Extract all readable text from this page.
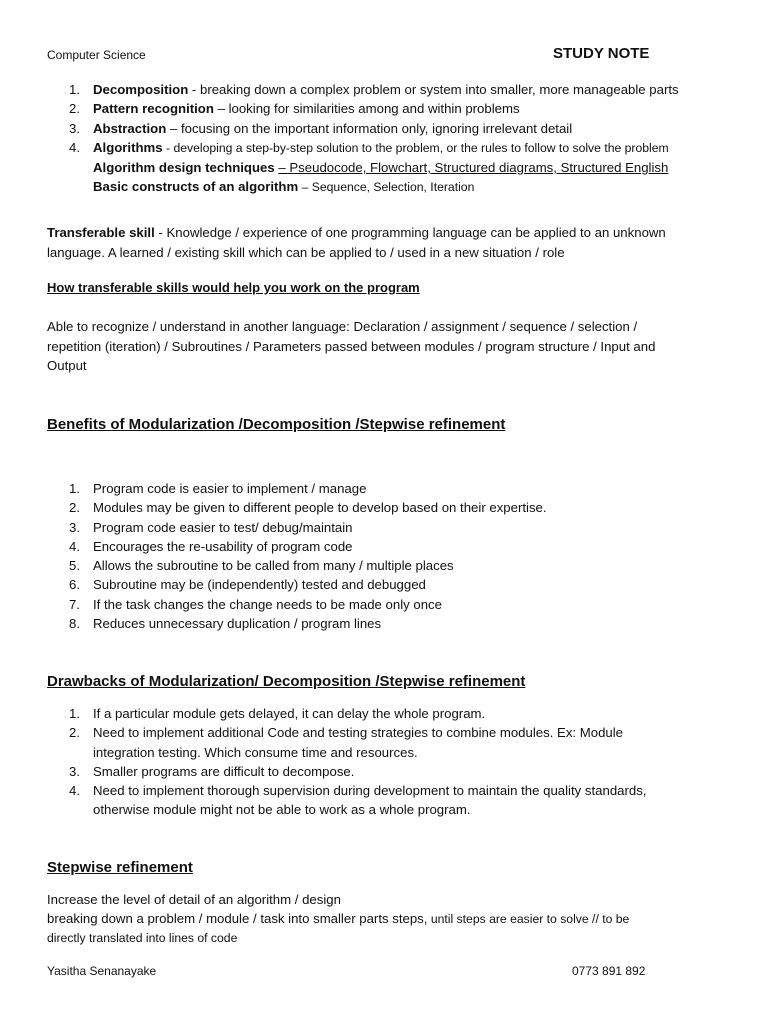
Computer Science	STUDY NOTE
1. Decomposition - breaking down a complex problem or system into smaller, more manageable parts
2. Pattern recognition – looking for similarities among and within problems
3. Abstraction – focusing on the important information only, ignoring irrelevant detail
4. Algorithms - developing a step-by-step solution to the problem, or the rules to follow to solve the problem
Algorithm design techniques – Pseudocode, Flowchart, Structured diagrams, Structured English
Basic constructs of an algorithm – Sequence, Selection, Iteration
Transferable skill - Knowledge / experience of one programming language can be applied to an unknown
language. A learned / existing skill which can be applied to / used in a new situation / role
How transferable skills would help you work on the program
Able to recognize / understand in another language: Declaration / assignment / sequence / selection /
repetition (iteration) / Subroutines / Parameters passed between modules / program structure / Input and
Output
Benefits of Modularization /Decomposition /Stepwise refinement
1. Program code is easier to implement / manage
2. Modules may be given to different people to develop based on their expertise.
3. Program code easier to test/ debug/maintain
4. Encourages the re-usability of program code
5. Allows the subroutine to be called from many / multiple places
6. Subroutine may be (independently) tested and debugged
7. If the task changes the change needs to be made only once
8. Reduces unnecessary duplication / program lines
Drawbacks of Modularization/ Decomposition /Stepwise refinement
1. If a particular module gets delayed, it can delay the whole program.
2. Need to implement additional Code and testing strategies to combine modules. Ex: Module
integration testing. Which consume time and resources.
3. Smaller programs are difficult to decompose.
4. Need to implement thorough supervision during development to maintain the quality standards,
otherwise module might not be able to work as a whole program.
Stepwise refinement
Increase the level of detail of an algorithm / design
breaking down a problem / module / task into smaller parts steps, until steps are easier to solve // to be
directly translated into lines of code
Yasitha Senanayake	0773 891 892
